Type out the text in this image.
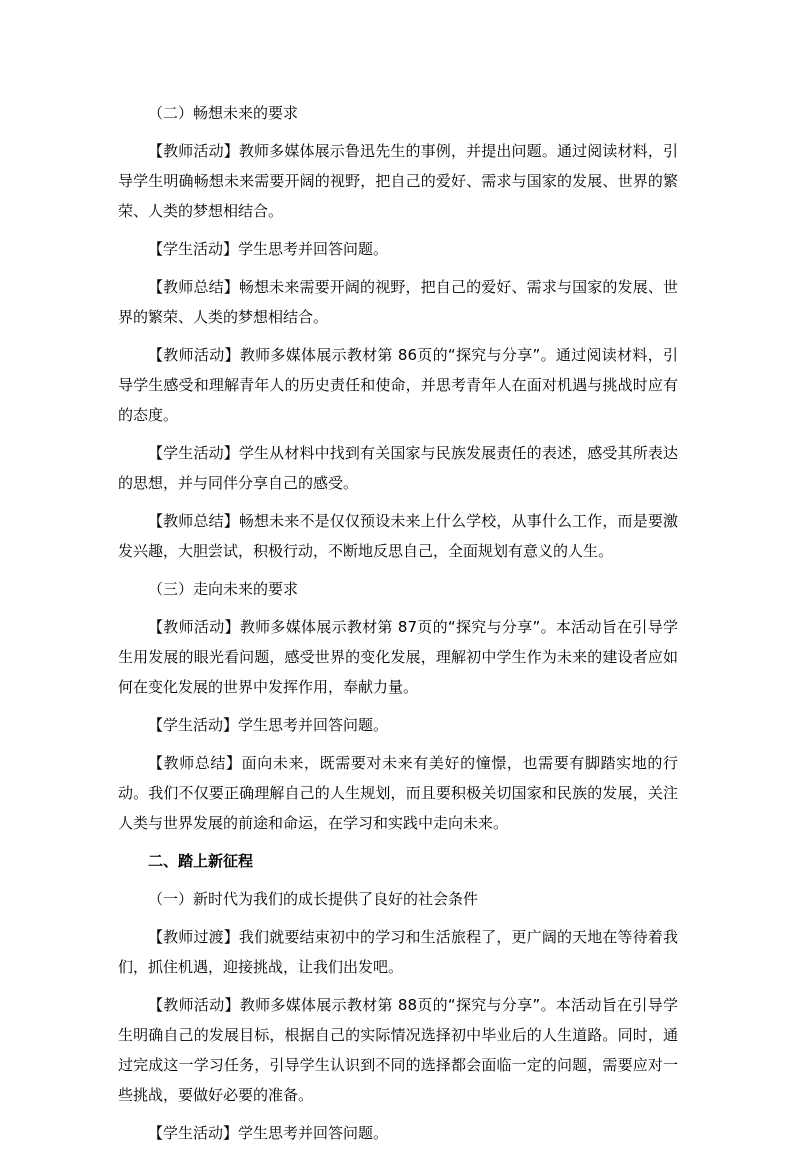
（二）畅想未来的要求

【教师活动】教师多媒体展示鲁迅先生的事例，并提出问题。通过阅读材料，引导学生明确畅想未来需要开阔的视野，把自己的爱好、需求与国家的发展、世界的繁荣、人类的梦想相结合。

【学生活动】学生思考并回答问题。

【教师总结】畅想未来需要开阔的视野，把自己的爱好、需求与国家的发展、世界的繁荣、人类的梦想相结合。

【教师活动】教师多媒体展示教材第 86页的“探究与分享”。通过阅读材料，引导学生感受和理解青年人的历史责任和使命，并思考青年人在面对机遇与挑战时应有的态度。

【学生活动】学生从材料中找到有关国家与民族发展责任的表述，感受其所表达的思想，并与同伴分享自己的感受。

【教师总结】畅想未来不是仅仅预设未来上什么学校，从事什么工作，而是要激发兴趣，大胆尝试，积极行动，不断地反思自己，全面规划有意义的人生。

（三）走向未来的要求

【教师活动】教师多媒体展示教材第 87页的“探究与分享”。本活动旨在引导学生用发展的眼光看问题，感受世界的变化发展，理解初中学生作为未来的建设者应如何在变化发展的世界中发挥作用，奉献力量。

【学生活动】学生思考并回答问题。

【教师总结】面向未来，既需要对未来有美好的憧憬，也需要有脚踏实地的行动。我们不仅要正确理解自己的人生规划，而且要积极关切国家和民族的发展，关注人类与世界发展的前途和命运，在学习和实践中走向未来。

二、踏上新征程

（一）新时代为我们的成长提供了良好的社会条件

【教师过渡】我们就要结束初中的学习和生活旅程了，更广阔的天地在等待着我们，抓住机遇，迎接挑战，让我们出发吧。

【教师活动】教师多媒体展示教材第 88页的“探究与分享”。本活动旨在引导学生明确自己的发展目标，根据自己的实际情况选择初中毕业后的人生道路。同时，通过完成这一学习任务，引导学生认识到不同的选择都会面临一定的问题，需要应对一些挑战，要做好必要的准备。

【学生活动】学生思考并回答问题。
